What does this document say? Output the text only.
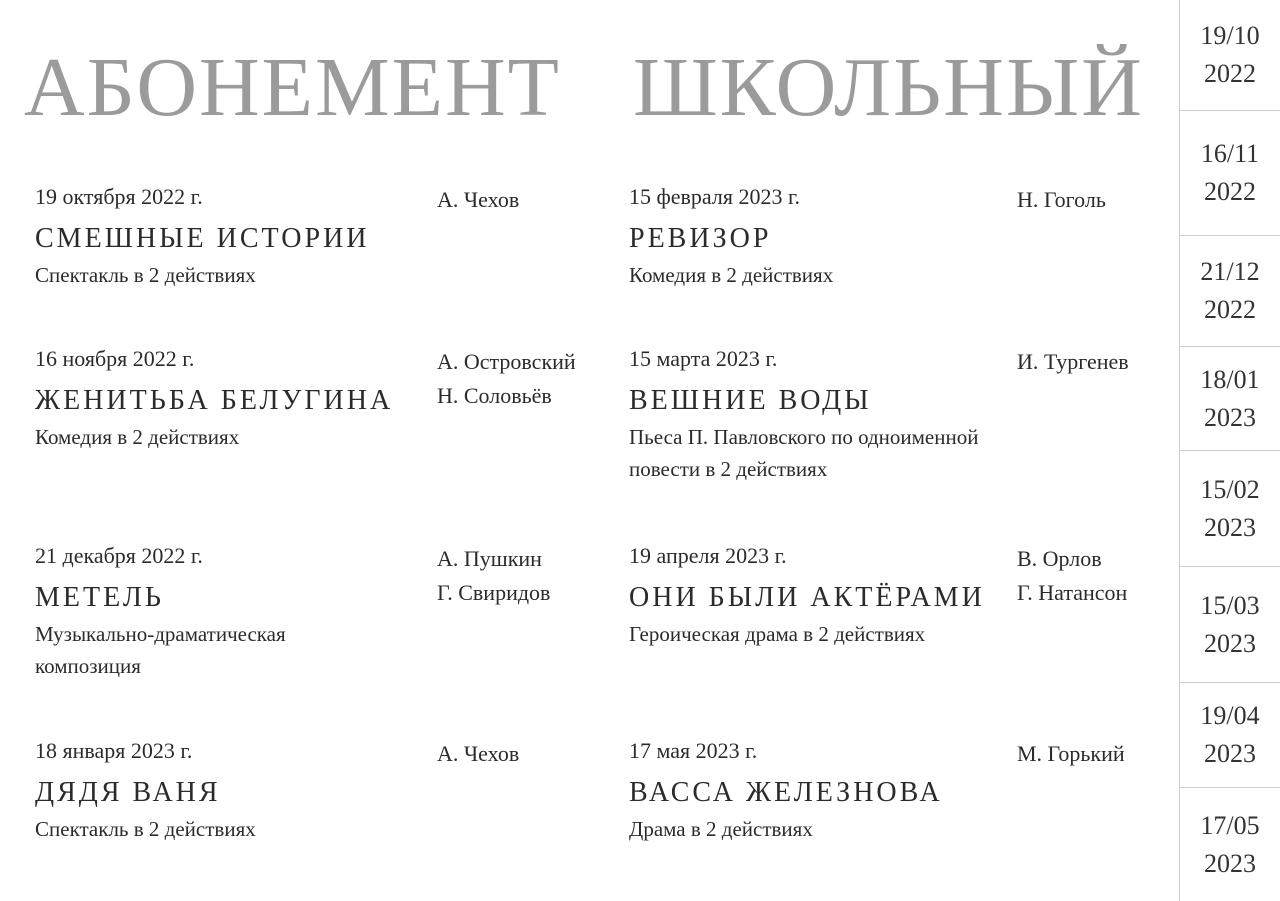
АБОНЕМЕНТ ШКОЛЬНЫЙ
19 октября 2022 г.	А. Чехов
СМЕШНЫЕ ИСТОРИИ
Спектакль в 2 действиях
15 февраля 2023 г.	Н. Гоголь
РЕВИЗОР
Комедия в 2 действиях
16 ноября 2022 г.	А. Островский
Н. Соловьёв
ЖЕНИТЬБА БЕЛУГИНА
Комедия в 2 действиях
15 марта 2023 г.	И. Тургенев
ВЕШНИЕ ВОДЫ
Пьеса П. Павловского по одноименной
повести в 2 действиях
21 декабря 2022 г.	А. Пушкин
Г. Свиридов
МЕТЕЛЬ
Музыкально-драматическая
композиция
19 апреля 2023 г.	В. Орлов
Г. Натансон
ОНИ БЫЛИ АКТЁРАМИ
Героическая драма в 2 действиях
18 января 2023 г.	А. Чехов
ДЯДЯ ВАНЯ
Спектакль в 2 действиях
17 мая 2023 г.	М. Горький
ВАССА ЖЕЛЕЗНОВА
Драма в 2 действиях
19/10
2022
16/11
2022
21/12
2022
18/01
2023
15/02
2023
15/03
2023
19/04
2023
17/05
2023
